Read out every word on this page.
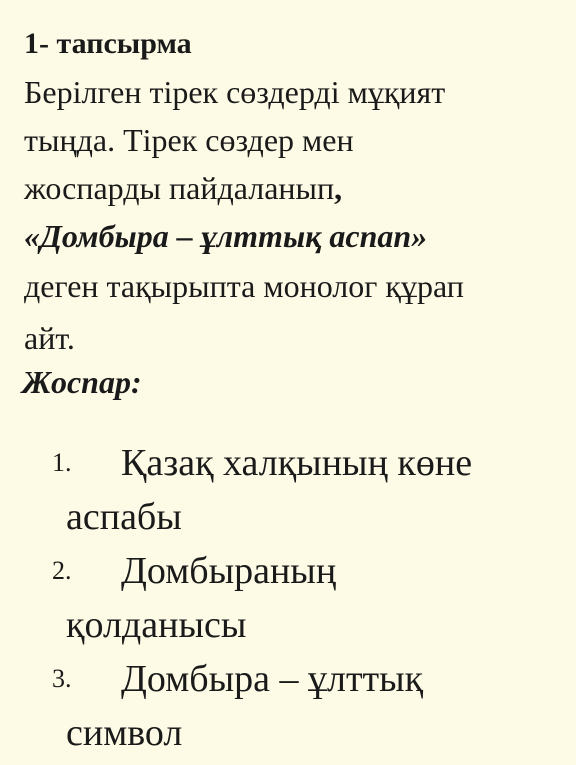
1- тапсырма
Берілген тірек сөздерді мұқият
тыңда. Тірек сөздер мен
жоспарды пайдаланып,
«Домбыра – ұлттық аспап»
деген тақырыпта монолог құрап
айт.
Жоспар:
1.	Қазақ халқының көне
аспабы
2.	Домбыраның
қолданысы
3.	Домбыра – ұлттық
символ
